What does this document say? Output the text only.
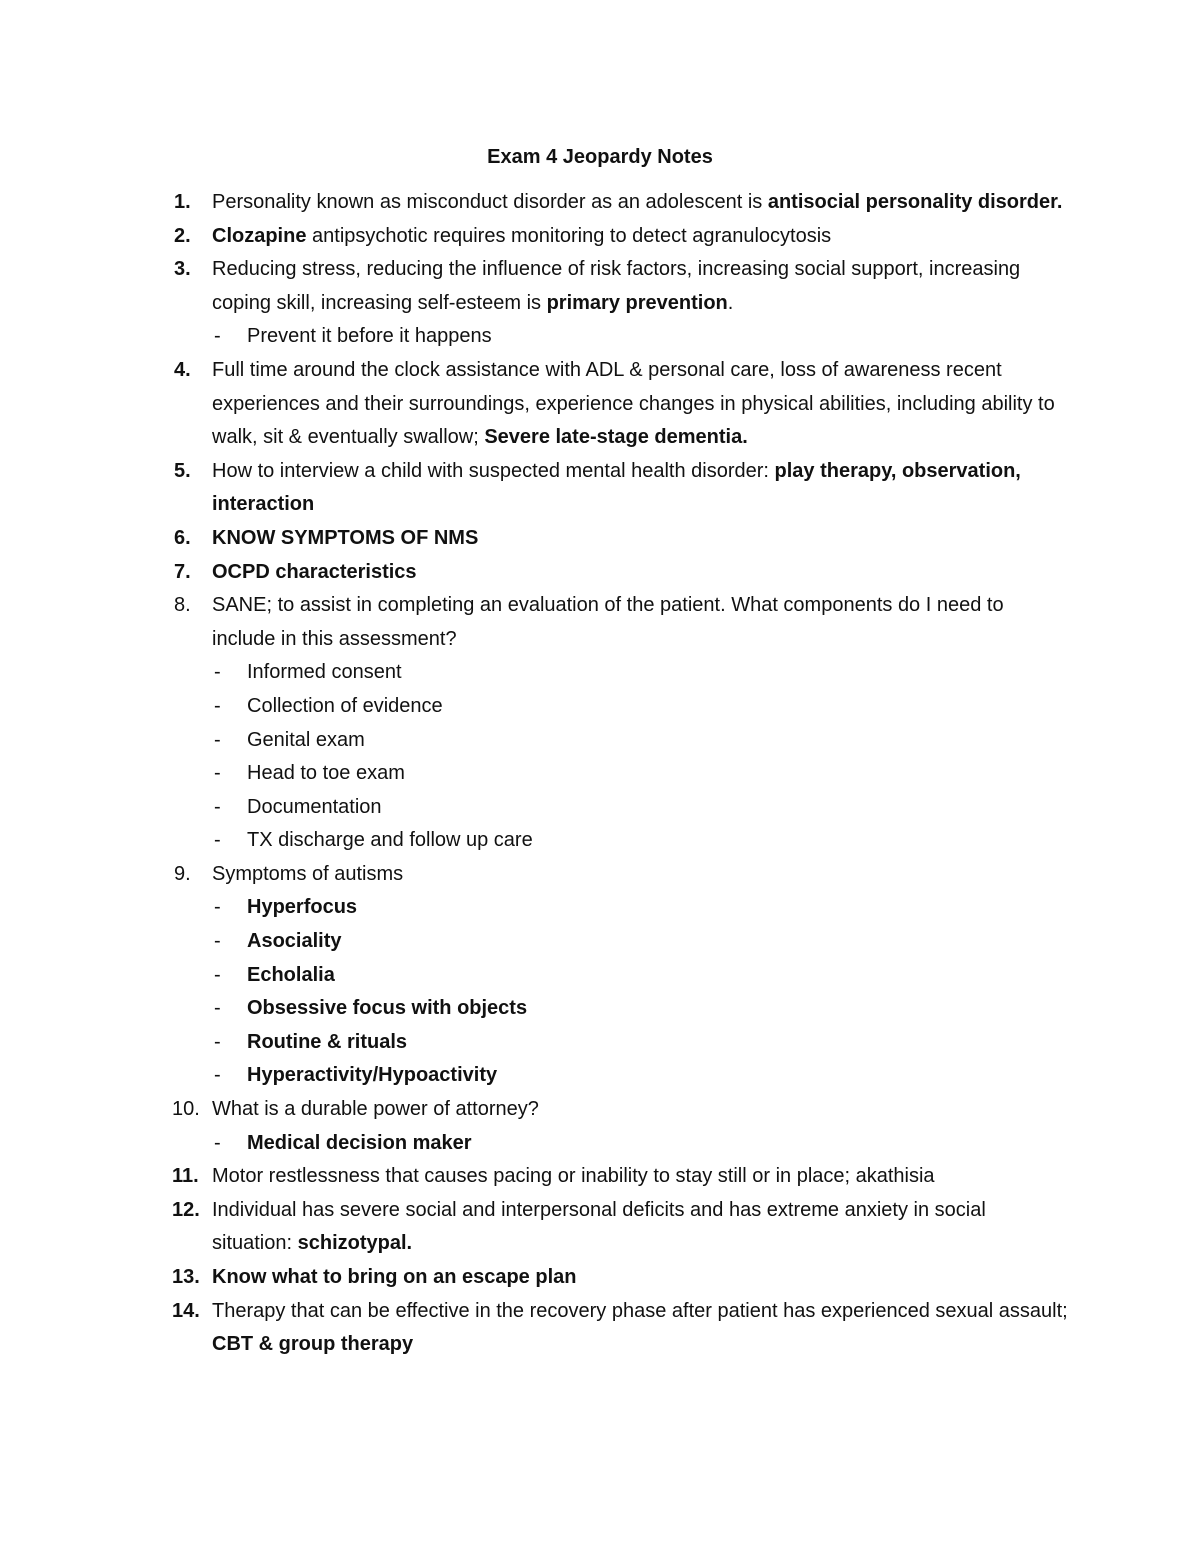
Exam 4 Jeopardy Notes
1. Personality known as misconduct disorder as an adolescent is antisocial personality disorder.
2. Clozapine antipsychotic requires monitoring to detect agranulocytosis
3. Reducing stress, reducing the influence of risk factors, increasing social support, increasing coping skill, increasing self-esteem is primary prevention.
- Prevent it before it happens
4. Full time around the clock assistance with ADL & personal care, loss of awareness recent experiences and their surroundings, experience changes in physical abilities, including ability to walk, sit & eventually swallow; Severe late-stage dementia.
5. How to interview a child with suspected mental health disorder: play therapy, observation, interaction
6. KNOW SYMPTOMS OF NMS
7. OCPD characteristics
8. SANE; to assist in completing an evaluation of the patient. What components do I need to include in this assessment?
- Informed consent
- Collection of evidence
- Genital exam
- Head to toe exam
- Documentation
- TX discharge and follow up care
9. Symptoms of autisms
- Hyperfocus
- Asociality
- Echolalia
- Obsessive focus with objects
- Routine & rituals
- Hyperactivity/Hypoactivity
10. What is a durable power of attorney?
- Medical decision maker
11. Motor restlessness that causes pacing or inability to stay still or in place; akathisia
12. Individual has severe social and interpersonal deficits and has extreme anxiety in social situation: schizotypal.
13. Know what to bring on an escape plan
14. Therapy that can be effective in the recovery phase after patient has experienced sexual assault; CBT & group therapy
